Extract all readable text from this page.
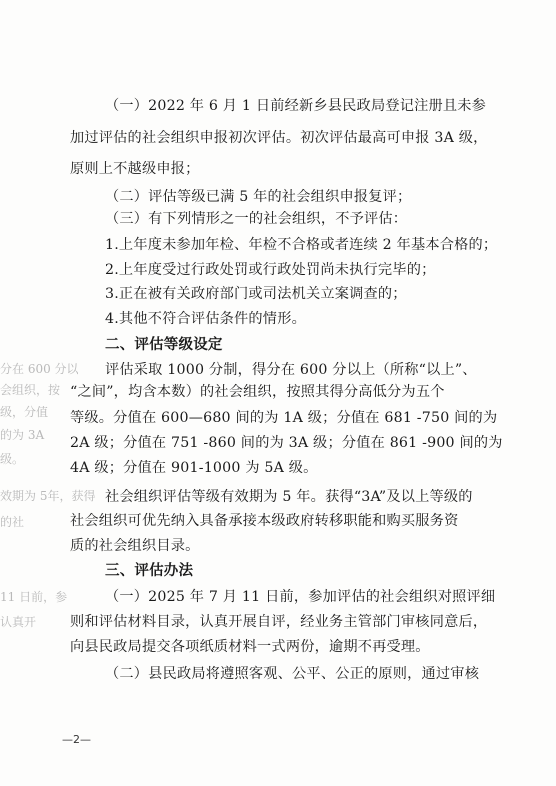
分在 600 分以
会组织，按
级，分值
的为 3A
级。
效期为 5年，获得
的社
11 日前，参
认真开
（一）2022 年 6 月 1 日前经新乡县民政局登记注册且未参
加过评估的社会组织申报初次评估。初次评估最高可申报 3A 级，
原则上不越级申报；
（二）评估等级已满 5 年的社会组织申报复评；
（三）有下列情形之一的社会组织，不予评估：
1.上年度未参加年检、年检不合格或者连续 2 年基本合格的；
2.上年度受过行政处罚或行政处罚尚未执行完毕的；
3.正在被有关政府部门或司法机关立案调查的；
4.其他不符合评估条件的情形。
二、评估等级设定
评估采取 1000 分制，得分在 600 分以上（所称“以上”、
“之间”，均含本数）的社会组织，按照其得分高低分为五个
等级。分值在 600—680 间的为 1A 级；分值在 681 -750 间的为
2A 级；分值在 751 -860 间的为 3A 级；分值在 861 -900 间的为
4A 级；分值在 901-1000 为 5A 级。
社会组织评估等级有效期为 5 年。获得“3A”及以上等级的
社会组织可优先纳入具备承接本级政府转移职能和购买服务资
质的社会组织目录。
三、评估办法
（一）2025 年 7 月 11 日前，参加评估的社会组织对照评细
则和评估材料目录，认真开展自评，经业务主管部门审核同意后，
向县民政局提交各项纸质材料一式两份，逾期不再受理。
（二）县民政局将遵照客观、公平、公正的原则，通过审核
—2—
